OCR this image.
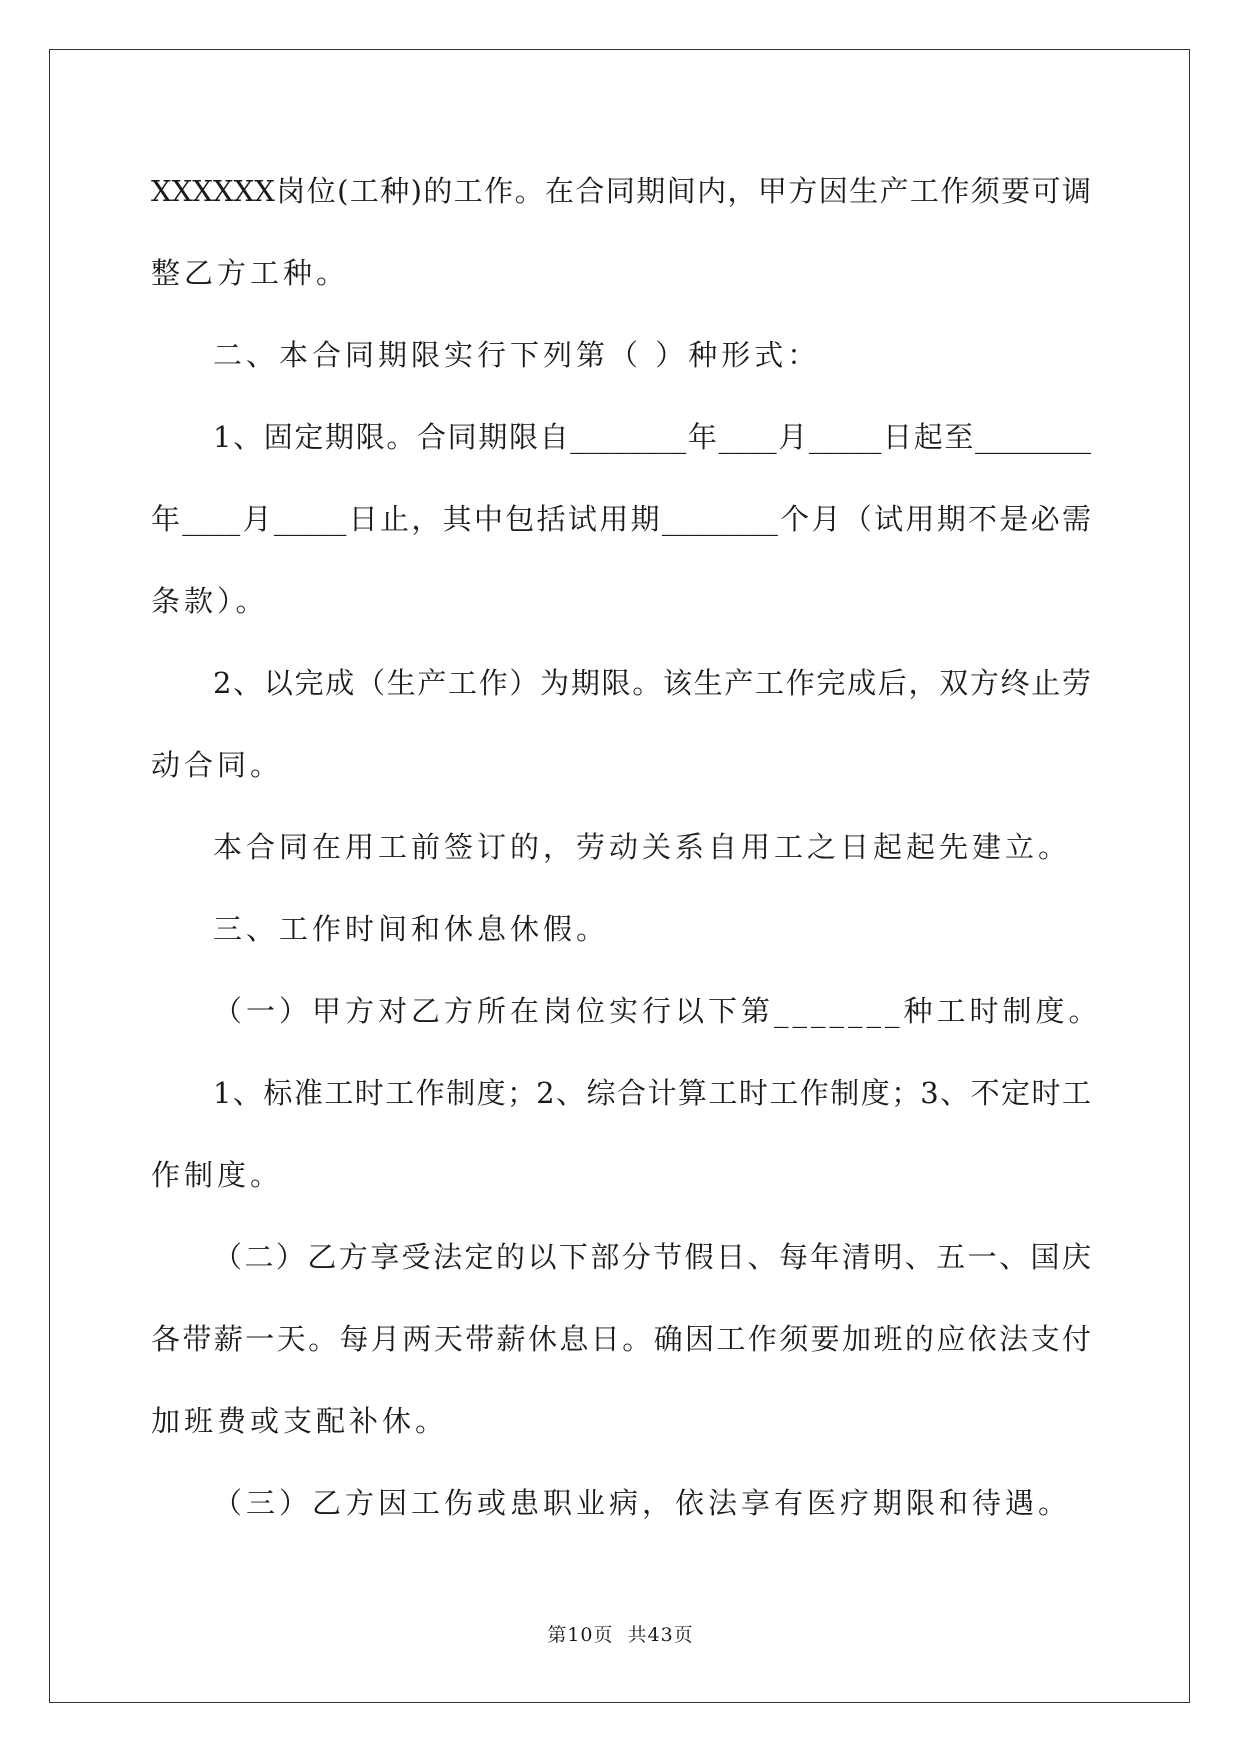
XXXXXX岗位(工种)的工作。在合同期间内，甲方因生产工作须要可调
整乙方工种。
二、本合同期限实行下列第（ ）种形式：
1、固定期限。合同期限自________年____月_____日起至________
年____月_____日止，其中包括试用期________个月（试用期不是必需
条款）。
2、以完成（生产工作）为期限。该生产工作完成后，双方终止劳
动合同。
本合同在用工前签订的，劳动关系自用工之日起起先建立。
三、工作时间和休息休假。
（一）甲方对乙方所在岗位实行以下第_______种工时制度。
1、标准工时工作制度；2、综合计算工时工作制度；3、不定时工
作制度。
（二）乙方享受法定的以下部分节假日、每年清明、五一、国庆
各带薪一天。每月两天带薪休息日。确因工作须要加班的应依法支付
加班费或支配补休。
（三）乙方因工伤或患职业病，依法享有医疗期限和待遇。
第10页 共43页
